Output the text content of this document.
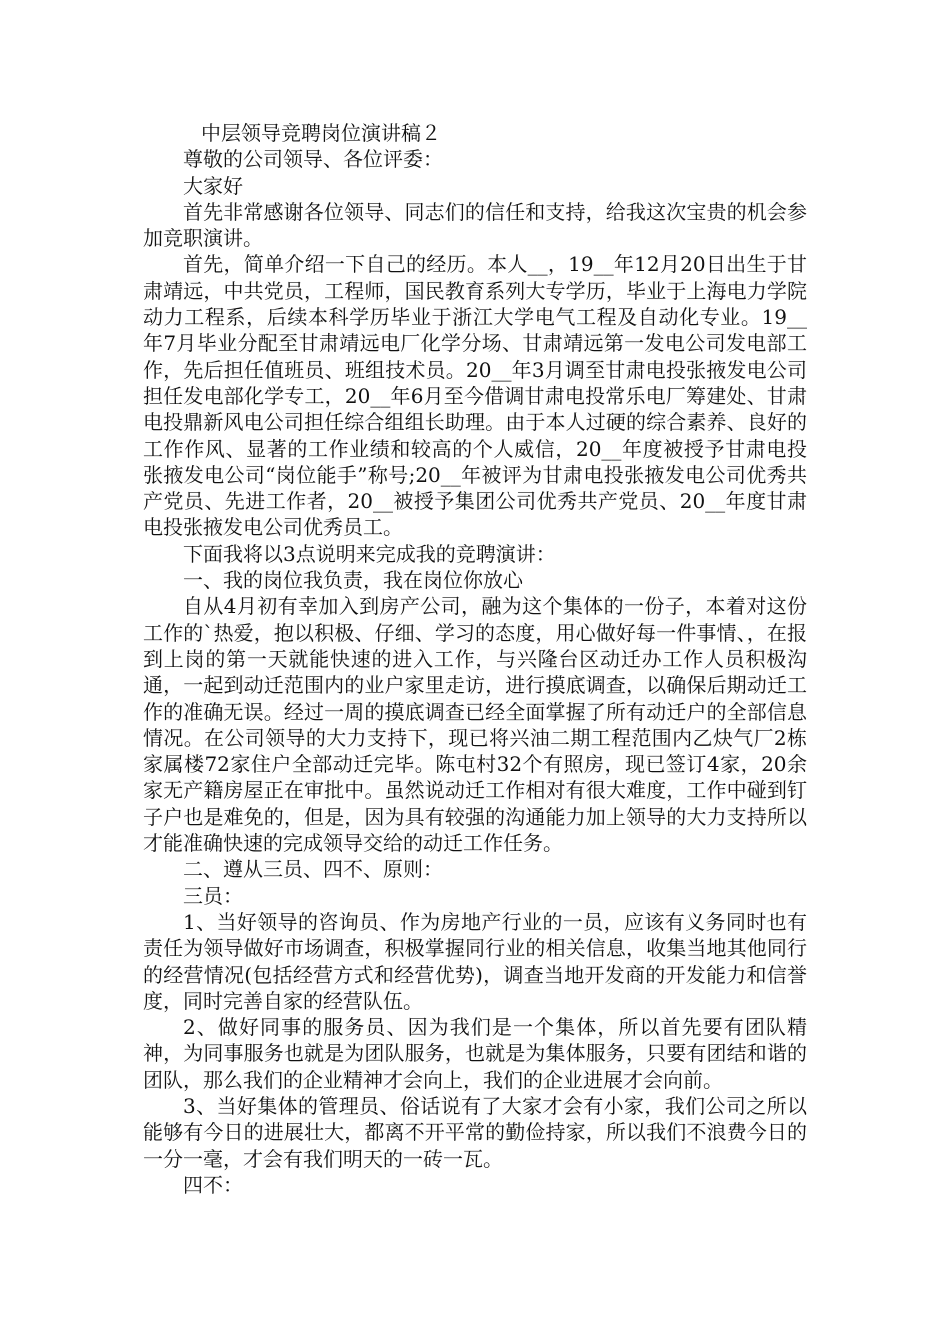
中层领导竞聘岗位演讲稿２

尊敬的公司领导、各位评委：

大家好

首先非常感谢各位领导、同志们的信任和支持，给我这次宝贵的机会参加竞职演讲。

首先，简单介绍一下自己的经历。本人__，19__年12月20日出生于甘肃靖远，中共党员，工程师，国民教育系列大专学历，毕业于上海电力学院动力工程系，后续本科学历毕业于浙江大学电气工程及自动化专业。19__年7月毕业分配至甘肃靖远电厂化学分场、甘肃靖远第一发电公司发电部工作，先后担任值班员、班组技术员。20__年3月调至甘肃电投张掖发电公司担任发电部化学专工，20__年6月至今借调甘肃电投常乐电厂筹建处、甘肃电投鼎新风电公司担任综合组组长助理。由于本人过硬的综合素养、良好的工作作风、显著的工作业绩和较高的个人威信，20__年度被授予甘肃电投张掖发电公司“岗位能手”称号;20__年被评为甘肃电投张掖发电公司优秀共产党员、先进工作者，20__被授予集团公司优秀共产党员、20__年度甘肃电投张掖发电公司优秀员工。

下面我将以3点说明来完成我的竞聘演讲：

一、我的岗位我负责，我在岗位你放心

自从4月初有幸加入到房产公司，融为这个集体的一份子，本着对这份工作的`热爱，抱以积极、仔细、学习的态度，用心做好每一件事情、，在报到上岗的第一天就能快速的进入工作，与兴隆台区动迁办工作人员积极沟通，一起到动迁范围内的业户家里走访，进行摸底调查，以确保后期动迁工作的准确无误。经过一周的摸底调查已经全面掌握了所有动迁户的全部信息情况。在公司领导的大力支持下，现已将兴油二期工程范围内乙炔气厂2栋家属楼72家住户全部动迁完毕。陈屯村32个有照房，现已签订4家，20余家无产籍房屋正在审批中。虽然说动迁工作相对有很大难度，工作中碰到钉子户也是难免的，但是，因为具有较强的沟通能力加上领导的大力支持所以才能准确快速的完成领导交给的动迁工作任务。

二、遵从三员、四不、原则：

三员：

1、当好领导的咨询员、作为房地产行业的一员，应该有义务同时也有责任为领导做好市场调查，积极掌握同行业的相关信息，收集当地其他同行的经营情况(包括经营方式和经营优势)，调查当地开发商的开发能力和信誉度，同时完善自家的经营队伍。

2、做好同事的服务员、因为我们是一个集体，所以首先要有团队精神，为同事服务也就是为团队服务，也就是为集体服务，只要有团结和谐的团队，那么我们的企业精神才会向上，我们的企业进展才会向前。

3、当好集体的管理员、俗话说有了大家才会有小家，我们公司之所以能够有今日的进展壮大，都离不开平常的勤俭持家，所以我们不浪费今日的一分一毫，才会有我们明天的一砖一瓦。

四不：
